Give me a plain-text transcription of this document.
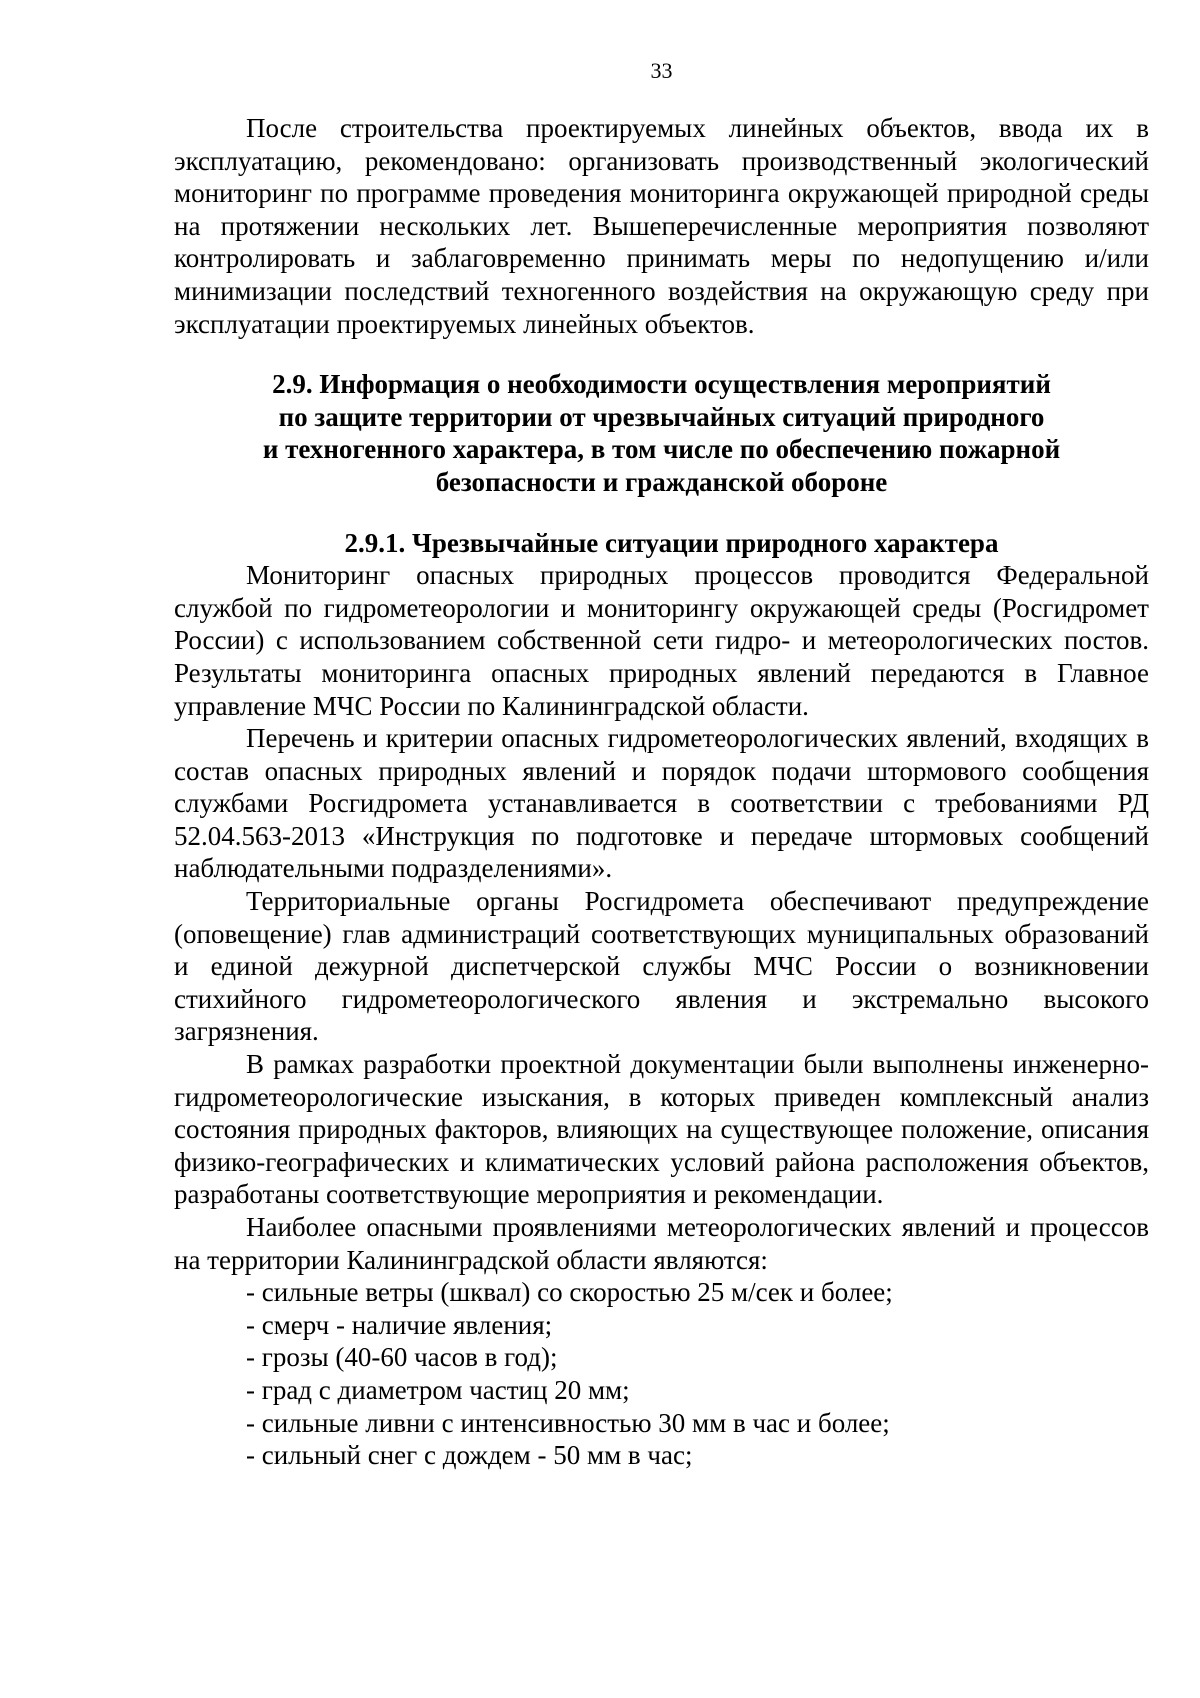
33

После строительства проектируемых линейных объектов, ввода их в эксплуатацию, рекомендовано: организовать производственный экологический мониторинг по программе проведения мониторинга окружающей природной среды на протяжении нескольких лет. Вышеперечисленные мероприятия позволяют контролировать и заблаговременно принимать меры по недопущению и/или минимизации последствий техногенного воздействия на окружающую среду при эксплуатации проектируемых линейных объектов.

2.9. Информация о необходимости осуществления мероприятий
по защите территории от чрезвычайных ситуаций природного
и техногенного характера, в том числе по обеспечению пожарной
безопасности и гражданской обороне
2.9.1. Чрезвычайные ситуации природного характера

Мониторинг опасных природных процессов проводится Федеральной службой по гидрометеорологии и мониторингу окружающей среды (Росгидромет России) с использованием собственной сети гидро- и метеорологических постов. Результаты мониторинга опасных природных явлений передаются в Главное управление МЧС России по Калининградской области.

Перечень и критерии опасных гидрометеорологических явлений, входящих в состав опасных природных явлений и порядок подачи штормового сообщения службами Росгидромета устанавливается в соответствии с требованиями РД 52.04.563-2013 «Инструкция по подготовке и передаче штормовых сообщений наблюдательными подразделениями».

Территориальные органы Росгидромета обеспечивают предупреждение (оповещение) глав администраций соответствующих муниципальных образований и единой дежурной диспетчерской службы МЧС России о возникновении стихийного гидрометеорологического явления и экстремально высокого загрязнения.

В рамках разработки проектной документации были выполнены инженерно-гидрометеорологические изыскания, в которых приведен комплексный анализ состояния природных факторов, влияющих на существующее положение, описания физико-географических и климатических условий района расположения объектов, разработаны соответствующие мероприятия и рекомендации.

Наиболее опасными проявлениями метеорологических явлений и процессов на территории Калининградской области являются:

- сильные ветры (шквал) со скоростью 25 м/сек и более;
- смерч - наличие явления;
- грозы (40-60 часов в год);
- град с диаметром частиц 20 мм;
- сильные ливни с интенсивностью 30 мм в час и более;
- сильный снег с дождем - 50 мм в час;
